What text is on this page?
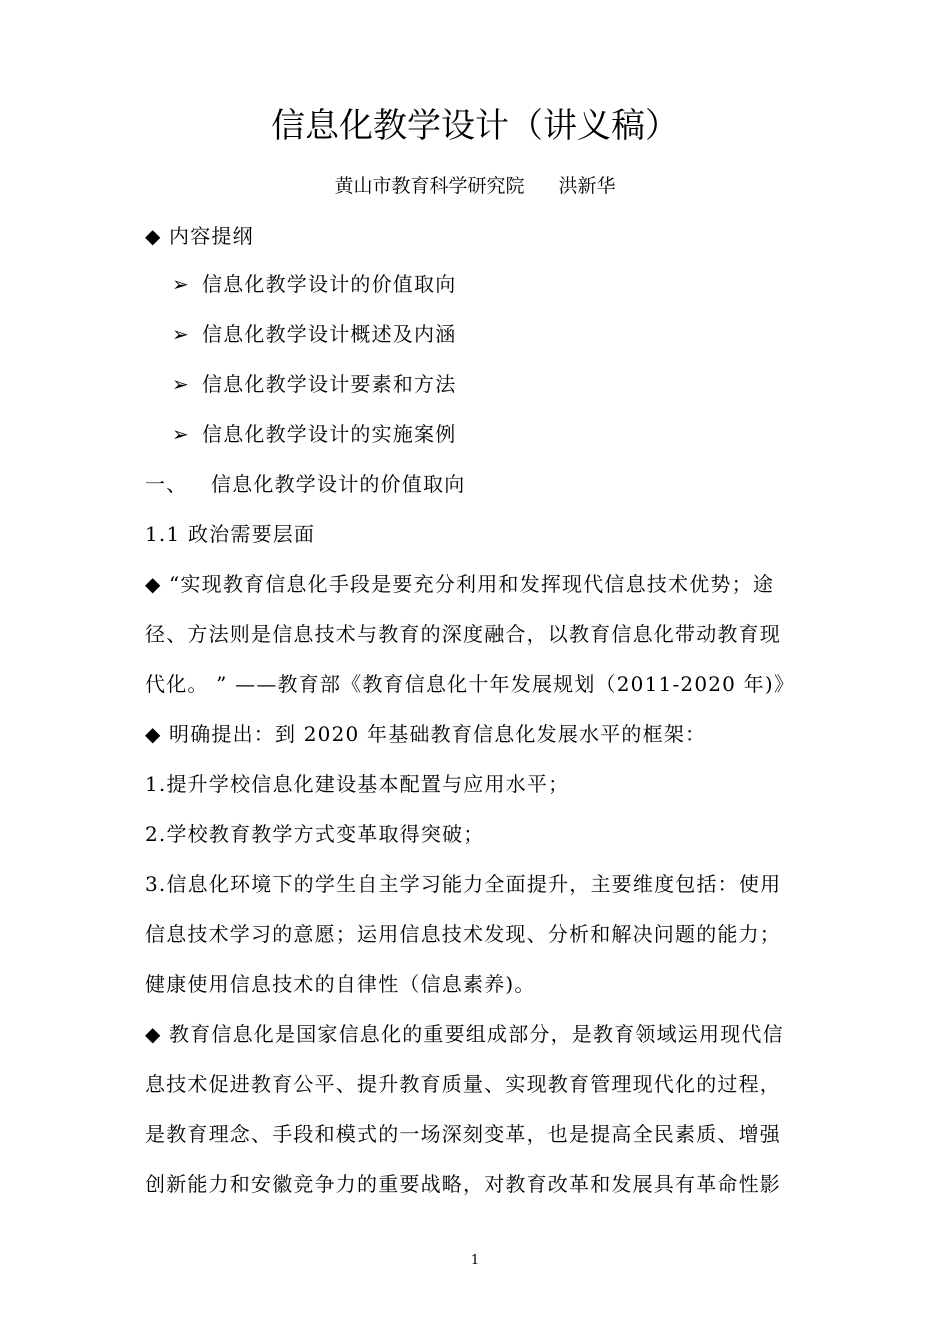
信息化教学设计（讲义稿）
黄山市教育科学研究院 洪新华
◆ 内容提纲
➢ 信息化教学设计的价值取向
➢ 信息化教学设计概述及内涵
➢ 信息化教学设计要素和方法
➢ 信息化教学设计的实施案例
一、 信息化教学设计的价值取向
1.1 政治需要层面
◆ “实现教育信息化手段是要充分利用和发挥现代信息技术优势；途
径、方法则是信息技术与教育的深度融合，以教育信息化带动教育现
代化。 ” ——教育部《教育信息化十年发展规划（2011-2020 年)》
◆ 明确提出：到 2020 年基础教育信息化发展水平的框架：
1.提升学校信息化建设基本配置与应用水平；
2.学校教育教学方式变革取得突破；
3.信息化环境下的学生自主学习能力全面提升，主要维度包括：使用
信息技术学习的意愿；运用信息技术发现、分析和解决问题的能力；
健康使用信息技术的自律性（信息素养)。
◆ 教育信息化是国家信息化的重要组成部分，是教育领域运用现代信
息技术促进教育公平、提升教育质量、实现教育管理现代化的过程，
是教育理念、手段和模式的一场深刻变革，也是提高全民素质、增强
创新能力和安徽竞争力的重要战略，对教育改革和发展具有革命性影
1
